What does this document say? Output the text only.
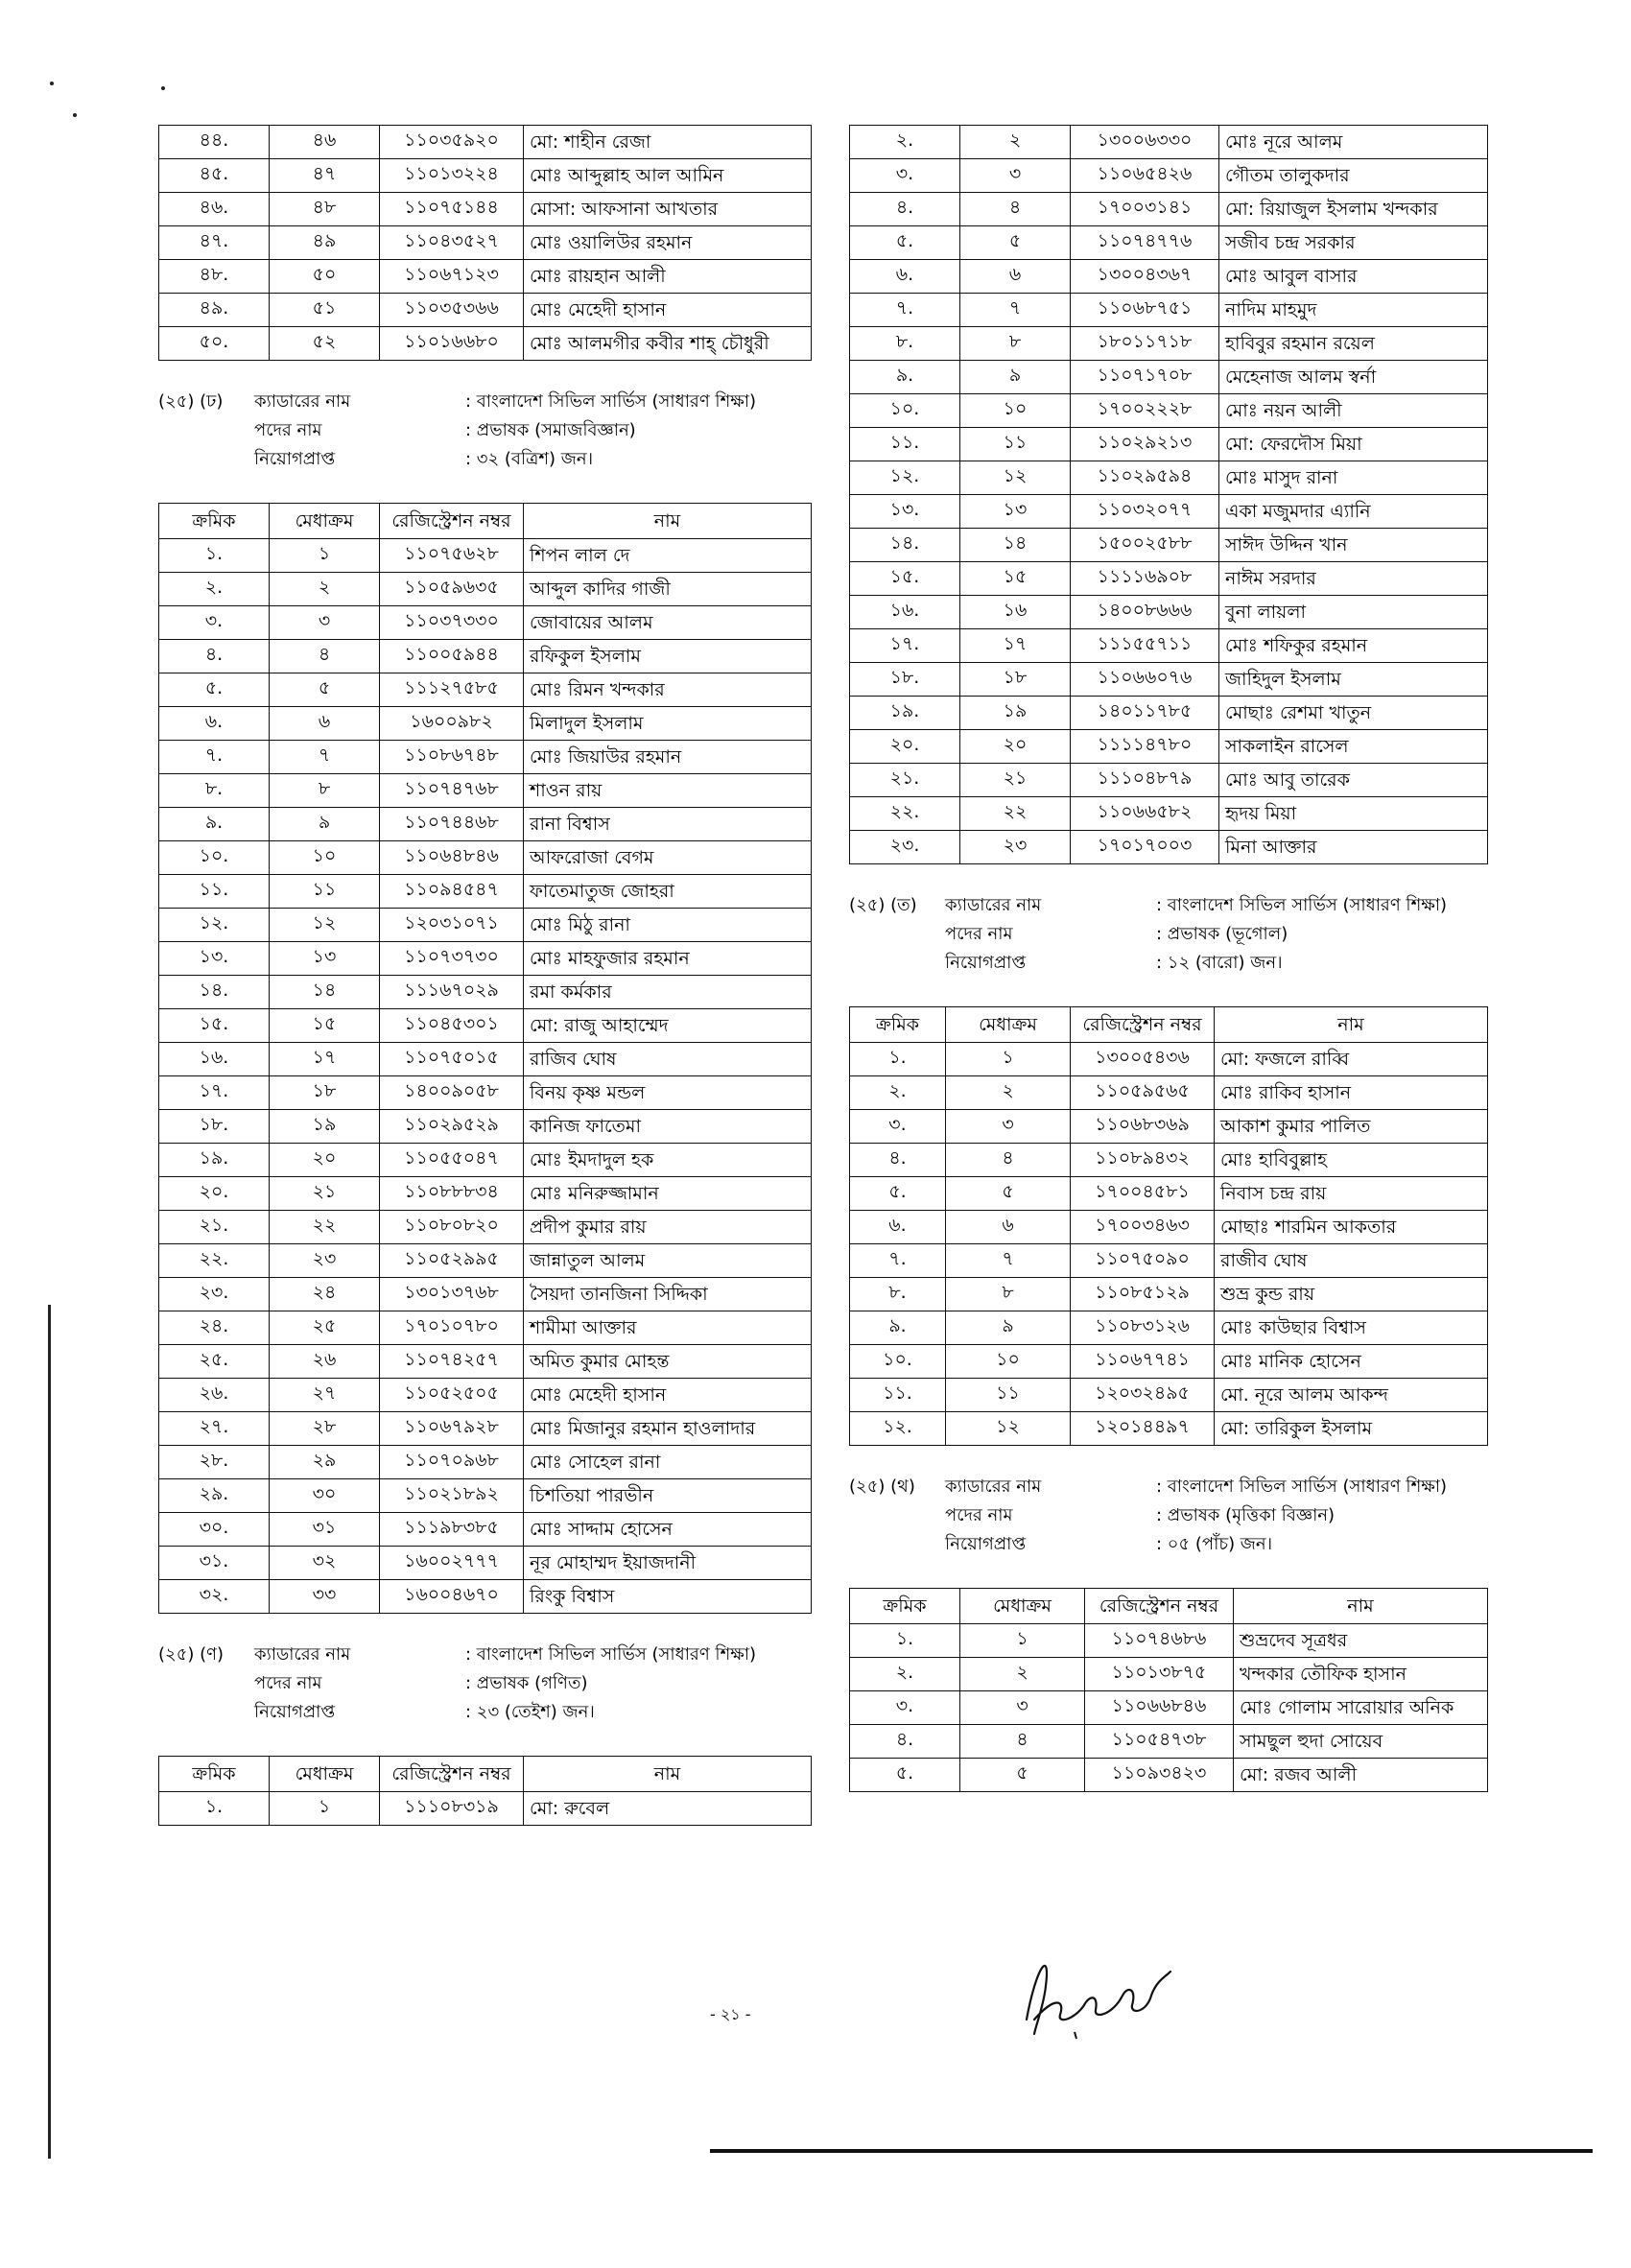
৪৪.	৪৬	১১০৩৫৯২০	মো: শাহীন রেজা
৪৫.	৪৭	১১০১৩২২৪	মোঃ আব্দুল্লাহ আল আমিন
৪৬.	৪৮	১১০৭৫১৪৪	মোসা: আফসানা আখতার
৪৭.	৪৯	১১০৪৩৫২৭	মোঃ ওয়ালিউর রহমান
৪৮.	৫০	১১০৬৭১২৩	মোঃ রায়হান আলী
৪৯.	৫১	১১০৩৫৩৬৬	মোঃ মেহেদী হাসান
৫০.	৫২	১১০১৬৬৮০	মোঃ আলমগীর কবীর শাহ্ চৌধুরী
(২৫) (ঢ)	ক্যাডারের নাম	: বাংলাদেশ সিভিল সার্ভিস (সাধারণ শিক্ষা)
পদের নাম	: প্রভাষক (সমাজবিজ্ঞান)
নিয়োগপ্রাপ্ত	: ৩২ (বত্রিশ) জন।
ক্রমিক	মেধাক্রম	রেজিস্ট্রেশন নম্বর	নাম
১.	১	১১০৭৫৬২৮	শিপন লাল দে
২.	২	১১০৫৯৬৩৫	আব্দুল কাদির গাজী
৩.	৩	১১০৩৭৩৩০	জোবায়ের আলম
৪.	৪	১১০০৫৯৪৪	রফিকুল ইসলাম
৫.	৫	১১১২৭৫৮৫	মোঃ রিমন খন্দকার
৬.	৬	১৬০০৯৮২	মিলাদুল ইসলাম
৭.	৭	১১০৮৬৭৪৮	মোঃ জিয়াউর রহমান
৮.	৮	১১০৭৪৭৬৮	শাওন রায়
৯.	৯	১১০৭৪৪৬৮	রানা বিশ্বাস
১০.	১০	১১০৬৪৮৪৬	আফরোজা বেগম
১১.	১১	১১০৯৪৫৪৭	ফাতেমাতুজ জোহরা
১২.	১২	১২০৩১০৭১	মোঃ মিঠু রানা
১৩.	১৩	১১০৭৩৭৩০	মোঃ মাহফুজার রহমান
১৪.	১৪	১১১৬৭০২৯	রমা কর্মকার
১৫.	১৫	১১০৪৫৩০১	মো: রাজু আহাম্মেদ
১৬.	১৭	১১০৭৫০১৫	রাজিব ঘোষ
১৭.	১৮	১৪০০৯০৫৮	বিনয় কৃষ্ণ মন্ডল
১৮.	১৯	১১০২৯৫২৯	কানিজ ফাতেমা
১৯.	২০	১১০৫৫০৪৭	মোঃ ইমদাদুল হক
২০.	২১	১১০৮৮৮৩৪	মোঃ মনিরুজ্জামান
২১.	২২	১১০৮০৮২০	প্রদীপ কুমার রায়
২২.	২৩	১১০৫২৯৯৫	জান্নাতুল আলম
২৩.	২৪	১৩০১৩৭৬৮	সৈয়দা তানজিনা সিদ্দিকা
২৪.	২৫	১৭০১০৭৮০	শামীমা আক্তার
২৫.	২৬	১১০৭৪২৫৭	অমিত কুমার মোহন্ত
২৬.	২৭	১১০৫২৫০৫	মোঃ মেহেদী হাসান
২৭.	২৮	১১০৬৭৯২৮	মোঃ মিজানুর রহমান হাওলাদার
২৮.	২৯	১১০৭০৯৬৮	মোঃ সোহেল রানা
২৯.	৩০	১১০২১৮৯২	চিশতিয়া পারভীন
৩০.	৩১	১১১৯৮৩৮৫	মোঃ সাদ্দাম হোসেন
৩১.	৩২	১৬০০২৭৭৭	নূর মোহাম্মদ ইয়াজদানী
৩২.	৩৩	১৬০০৪৬৭০	রিংকু বিশ্বাস
(২৫) (ণ)	ক্যাডারের নাম	: বাংলাদেশ সিভিল সার্ভিস (সাধারণ শিক্ষা)
পদের নাম	: প্রভাষক (গণিত)
নিয়োগপ্রাপ্ত	: ২৩ (তেইশ) জন।
ক্রমিক	মেধাক্রম	রেজিস্ট্রেশন নম্বর	নাম
১.	১	১১১০৮৩১৯	মো: রুবেল
২.	২	১৩০০৬৩৩০	মোঃ নূরে আলম
৩.	৩	১১০৬৫৪২৬	গৌতম তালুকদার
৪.	৪	১৭০০৩১৪১	মো: রিয়াজুল ইসলাম খন্দকার
৫.	৫	১১০৭৪৭৭৬	সজীব চন্দ্র সরকার
৬.	৬	১৩০০৪৩৬৭	মোঃ আবুল বাসার
৭.	৭	১১০৬৮৭৫১	নাদিম মাহমুদ
৮.	৮	১৮০১১৭১৮	হাবিবুর রহমান রয়েল
৯.	৯	১১০৭১৭০৮	মেহেনাজ আলম স্বর্না
১০.	১০	১৭০০২২২৮	মোঃ নয়ন আলী
১১.	১১	১১০২৯২১৩	মো: ফেরদৌস মিয়া
১২.	১২	১১০২৯৫৯৪	মোঃ মাসুদ রানা
১৩.	১৩	১১০৩২০৭৭	একা মজুমদার এ্যানি
১৪.	১৪	১৫০০২৫৮৮	সাঈদ উদ্দিন খান
১৫.	১৫	১১১১৬৯০৮	নাঈম সরদার
১৬.	১৬	১৪০০৮৬৬৬	বুনা লায়লা
১৭.	১৭	১১১৫৫৭১১	মোঃ শফিকুর রহমান
১৮.	১৮	১১০৬৬০৭৬	জাহিদুল ইসলাম
১৯.	১৯	১৪০১১৭৮৫	মোছাঃ রেশমা খাতুন
২০.	২০	১১১১৪৭৮০	সাকলাইন রাসেল
২১.	২১	১১১০৪৮৭৯	মোঃ আবু তারেক
২২.	২২	১১০৬৬৫৮২	হৃদয় মিয়া
২৩.	২৩	১৭০১৭০০৩	মিনা আক্তার
(২৫) (ত)	ক্যাডারের নাম	: বাংলাদেশ সিভিল সার্ভিস (সাধারণ শিক্ষা)
পদের নাম	: প্রভাষক (ভূগোল)
নিয়োগপ্রাপ্ত	: ১২ (বারো) জন।
ক্রমিক	মেধাক্রম	রেজিস্ট্রেশন নম্বর	নাম
১.	১	১৩০০৫৪৩৬	মো: ফজলে রাব্বি
২.	২	১১০৫৯৫৬৫	মোঃ রাকিব হাসান
৩.	৩	১১০৬৮৩৬৯	আকাশ কুমার পালিত
৪.	৪	১১০৮৯৪৩২	মোঃ হাবিবুল্লাহ
৫.	৫	১৭০০৪৫৮১	নিবাস চন্দ্র রায়
৬.	৬	১৭০০৩৪৬৩	মোছাঃ শারমিন আকতার
৭.	৭	১১০৭৫০৯০	রাজীব ঘোষ
৮.	৮	১১০৮৫১২৯	শুভ্র কুন্ড রায়
৯.	৯	১১০৮৩১২৬	মোঃ কাউছার বিশ্বাস
১০.	১০	১১০৬৭৭৪১	মোঃ মানিক হোসেন
১১.	১১	১২০৩২৪৯৫	মো. নূরে আলম আকন্দ
১২.	১২	১২০১৪৪৯৭	মো: তারিকুল ইসলাম
(২৫) (থ)	ক্যাডারের নাম	: বাংলাদেশ সিভিল সার্ভিস (সাধারণ শিক্ষা)
পদের নাম	: প্রভাষক (মৃত্তিকা বিজ্ঞান)
নিয়োগপ্রাপ্ত	: ০৫ (পাঁচ) জন।
ক্রমিক	মেধাক্রম	রেজিস্ট্রেশন নম্বর	নাম
১.	১	১১০৭৪৬৮৬	শুভ্রদেব সূত্রধর
২.	২	১১০১৩৮৭৫	খন্দকার তৌফিক হাসান
৩.	৩	১১০৬৬৮৪৬	মোঃ গোলাম সারোয়ার অনিক
৪.	৪	১১০৫৪৭৩৮	সামছুল হুদা সোয়েব
৫.	৫	১১০৯৩৪২৩	মো: রজব আলী
- ২১ -
